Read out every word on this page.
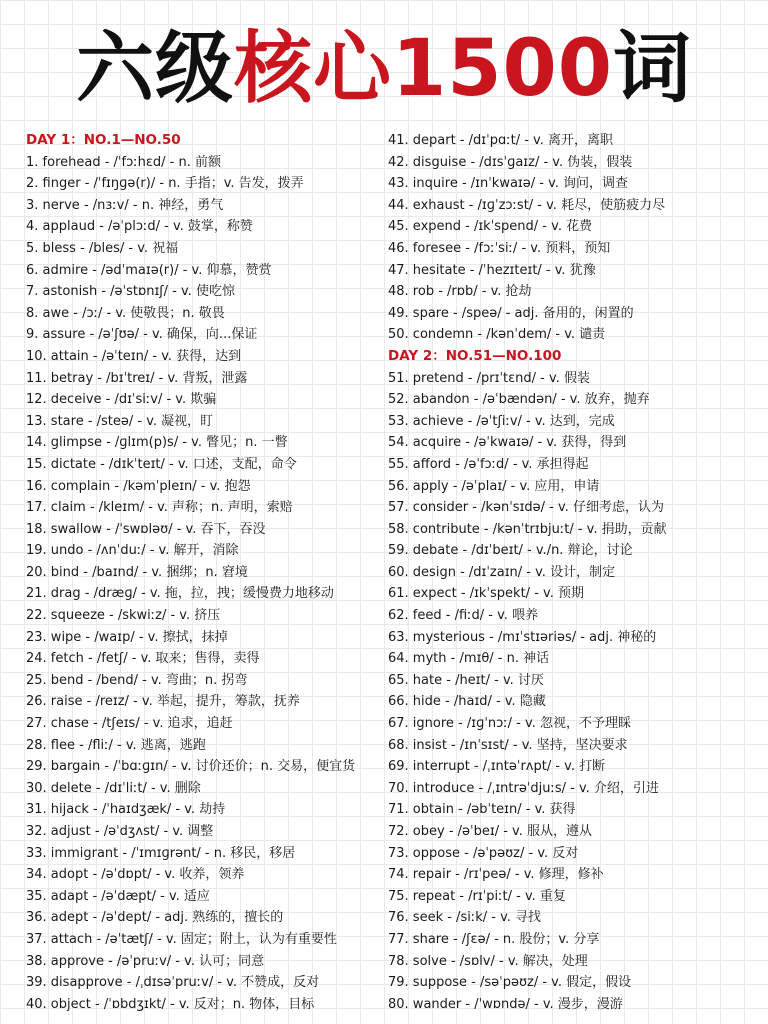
六级核心1500词
DAY 1：NO.1—NO.50
1. forehead - /ˈfɔːhɛd/ - n. 前额
2. finger - /ˈfɪŋɡə(r)/ - n. 手指；v. 告发，拨弄
3. nerve - /nɜːv/ - n. 神经，勇气
4. applaud - /əˈplɔːd/ - v. 鼓掌，称赞
5. bless - /bles/ - v. 祝福
6. admire - /ədˈmaɪə(r)/ - v. 仰慕，赞赏
7. astonish - /əˈstɒnɪʃ/ - v. 使吃惊
8. awe - /ɔː/ - v. 使敬畏；n. 敬畏
9. assure - /əˈʃʊə/ - v. 确保，向...保证
10. attain - /əˈteɪn/ - v. 获得，达到
11. betray - /bɪˈtreɪ/ - v. 背叛，泄露
12. deceive - /dɪˈsiːv/ - v. 欺骗
13. stare - /steə/ - v. 凝视，盯
14. glimpse - /ɡlɪm(p)s/ - v. 瞥见；n. 一瞥
15. dictate - /dɪkˈteɪt/ - v. 口述，支配，命令
16. complain - /kəmˈpleɪn/ - v. 抱怨
17. claim - /kleɪm/ - v. 声称；n. 声明，索赔
18. swallow - /ˈswɒləʊ/ - v. 吞下，吞没
19. undo - /ʌnˈduː/ - v. 解开，消除
20. bind - /baɪnd/ - v. 捆绑；n. 窘境
21. drag - /dræɡ/ - v. 拖，拉，拽；缓慢费力地移动
22. squeeze - /skwiːz/ - v. 挤压
23. wipe - /waɪp/ - v. 擦拭，抹掉
24. fetch - /fetʃ/ - v. 取来；售得，卖得
25. bend - /bend/ - v. 弯曲；n. 拐弯
26. raise - /reɪz/ - v. 举起，提升，筹款，抚养
27. chase - /tʃeɪs/ - v. 追求，追赶
28. flee - /fliː/ - v. 逃离，逃跑
29. bargain - /ˈbɑːɡɪn/ - v. 讨价还价；n. 交易，便宜货
30. delete - /dɪˈliːt/ - v. 删除
31. hijack - /ˈhaɪdʒæk/ - v. 劫持
32. adjust - /əˈdʒʌst/ - v. 调整
33. immigrant - /ˈɪmɪɡrənt/ - n. 移民，移居
34. adopt - /əˈdɒpt/ - v. 收养，领养
35. adapt - /əˈdæpt/ - v. 适应
36. adept - /əˈdept/ - adj. 熟练的，擅长的
37. attach - /əˈtætʃ/ - v. 固定；附上，认为有重要性
38. approve - /əˈpruːv/ - v. 认可；同意
39. disapprove - /ˌdɪsəˈpruːv/ - v. 不赞成，反对
40. object - /ˈɒbdʒɪkt/ - v. 反对；n. 物体，目标
41. depart - /dɪˈpɑːt/ - v. 离开，离职
42. disguise - /dɪsˈɡaɪz/ - v. 伪装，假装
43. inquire - /ɪnˈkwaɪə/ - v. 询问，调查
44. exhaust - /ɪɡˈzɔːst/ - v. 耗尽，使筋疲力尽
45. expend - /ɪkˈspend/ - v. 花费
46. foresee - /fɔːˈsiː/ - v. 预料，预知
47. hesitate - /ˈhezɪteɪt/ - v. 犹豫
48. rob - /rɒb/ - v. 抢劫
49. spare - /speə/ - adj. 备用的，闲置的
50. condemn - /kənˈdem/ - v. 谴责
DAY 2：NO.51—NO.100
51. pretend - /prɪˈtɛnd/ - v. 假装
52. abandon - /əˈbændən/ - v. 放弃，抛弃
53. achieve - /əˈtʃiːv/ - v. 达到，完成
54. acquire - /əˈkwaɪə/ - v. 获得，得到
55. afford - /əˈfɔːd/ - v. 承担得起
56. apply - /əˈplaɪ/ - v. 应用，申请
57. consider - /kənˈsɪdə/ - v. 仔细考虑，认为
58. contribute - /kənˈtrɪbjuːt/ - v. 捐助，贡献
59. debate - /dɪˈbeɪt/ - v./n. 辩论，讨论
60. design - /dɪˈzaɪn/ - v. 设计，制定
61. expect - /ɪkˈspekt/ - v. 预期
62. feed - /fiːd/ - v. 喂养
63. mysterious - /mɪˈstɪəriəs/ - adj. 神秘的
64. myth - /mɪθ/ - n. 神话
65. hate - /heɪt/ - v. 讨厌
66. hide - /haɪd/ - v. 隐藏
67. ignore - /ɪɡˈnɔː/ - v. 忽视，不予理睬
68. insist - /ɪnˈsɪst/ - v. 坚持，坚决要求
69. interrupt - /ˌɪntəˈrʌpt/ - v. 打断
70. introduce - /ˌɪntrəˈdjuːs/ - v. 介绍，引进
71. obtain - /əbˈteɪn/ - v. 获得
72. obey - /əˈbeɪ/ - v. 服从，遵从
73. oppose - /əˈpəʊz/ - v. 反对
74. repair - /rɪˈpeə/ - v. 修理，修补
75. repeat - /rɪˈpiːt/ - v. 重复
76. seek - /siːk/ - v. 寻找
77. share - /ʃɛə/ - n. 股份；v. 分享
78. solve - /sɒlv/ - v. 解决，处理
79. suppose - /səˈpəʊz/ - v. 假定，假设
80. wander - /ˈwɒndə/ - v. 漫步，漫游
